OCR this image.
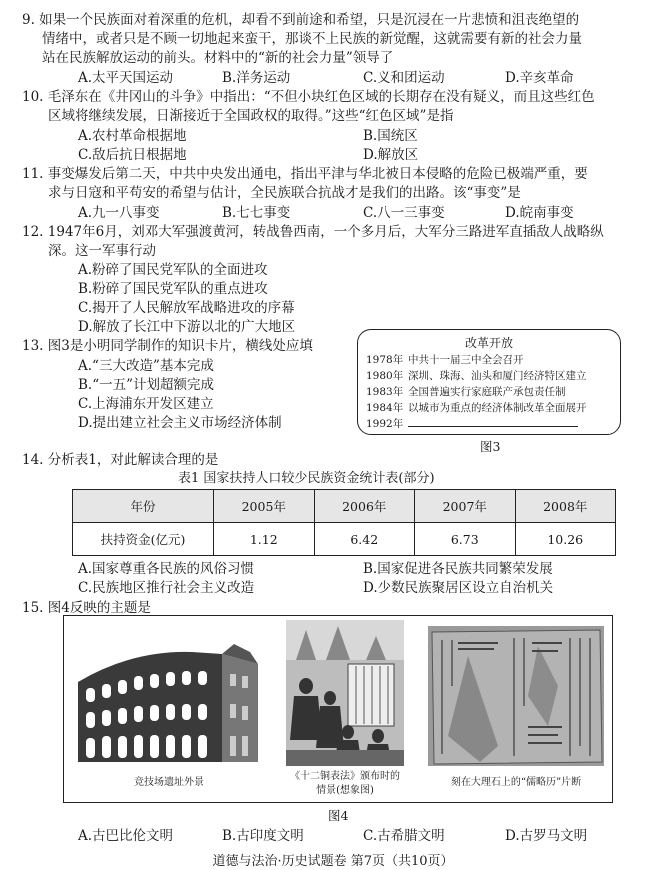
9. 如果一个民族面对着深重的危机，却看不到前途和希望，只是沉浸在一片悲愤和沮丧绝望的
情绪中，或者只是不顾一切地起来蛮干，那谈不上民族的新觉醒，这就需要有新的社会力量
站在民族解放运动的前头。材料中的“新的社会力量”领导了
A.太平天国运动	B.洋务运动	C.义和团运动	D.辛亥革命
10. 毛泽东在《井冈山的斗争》中指出：“不但小块红色区域的长期存在没有疑义，而且这些红色
区域将继续发展，日渐接近于全国政权的取得。”这些“红色区域”是指
A.农村革命根据地	B.国统区
C.敌后抗日根据地	D.解放区
11. 事变爆发后第二天，中共中央发出通电，指出平津与华北被日本侵略的危险已极端严重，要
求与日寇和平苟安的希望与估计，全民族联合抗战才是我们的出路。该“事变”是
A.九一八事变	B.七七事变	C.八一三事变	D.皖南事变
12. 1947年6月，刘邓大军强渡黄河，转战鲁西南，一个多月后，大军分三路进军直插敌人战略纵
深。这一军事行动
A.粉碎了国民党军队的全面进攻
B.粉碎了国民党军队的重点进攻
C.揭开了人民解放军战略进攻的序幕
D.解放了长江中下游以北的广大地区
13. 图3是小明同学制作的知识卡片，横线处应填
A.“三大改造”基本完成
B.“一五”计划超额完成
C.上海浦东开发区建立
D.提出建立社会主义市场经济体制
改革开放
1978年 中共十一届三中全会召开
1980年 深圳、珠海、汕头和厦门经济特区建立
1983年 全国普遍实行家庭联产承包责任制
1984年 以城市为重点的经济体制改革全面展开
1992年
图3
14. 分析表1，对此解读合理的是
表1 国家扶持人口较少民族资金统计表(部分)
年份	2005年	2006年	2007年	2008年
扶持资金(亿元)	1.12	6.42	6.73	10.26
A.国家尊重各民族的风俗习惯	B.国家促进各民族共同繁荣发展
C.民族地区推行社会主义改造	D.少数民族聚居区设立自治机关
15. 图4反映的主题是
竞技场遗址外景
《十二铜表法》颁布时的
情景(想象图)
刻在大理石上的“儒略历”片断
图4
A.古巴比伦文明	B.古印度文明	C.古希腊文明	D.古罗马文明
道德与法治·历史试题卷 第7页（共10页）
